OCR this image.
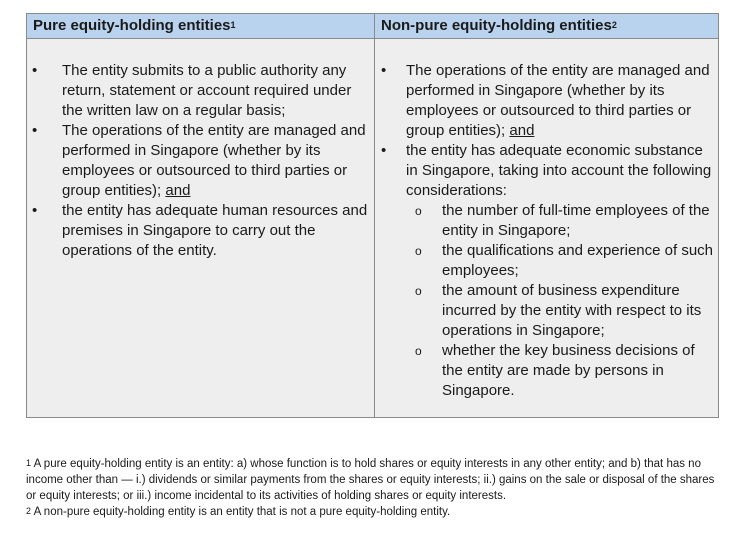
Pure equity-holding entities$^1$	Non-pure equity-holding entities$^2$
• The entity submits to a public authority any return, statement or account required under the written law on a regular basis;
• The operations of the entity are managed and performed in Singapore (whether by its employees or outsourced to third parties or group entities); and
• the entity has adequate human resources and premises in Singapore to carry out the operations of the entity.
• The operations of the entity are managed and performed in Singapore (whether by its employees or outsourced to third parties or group entities); and
• the entity has adequate economic substance in Singapore, taking into account the following considerations:
o the number of full-time employees of the entity in Singapore;
o the qualifications and experience of such employees;
o the amount of business expenditure incurred by the entity with respect to its operations in Singapore;
o whether the key business decisions of the entity are made by persons in Singapore.

$^1$ A pure equity-holding entity is an entity: a) whose function is to hold shares or equity interests in any other entity; and b) that has no income other than — i.) dividends or similar payments from the shares or equity interests; ii.) gains on the sale or disposal of the shares or equity interests; or iii.) income incidental to its activities of holding shares or equity interests.

$^2$ A non-pure equity-holding entity is an entity that is not a pure equity-holding entity.
